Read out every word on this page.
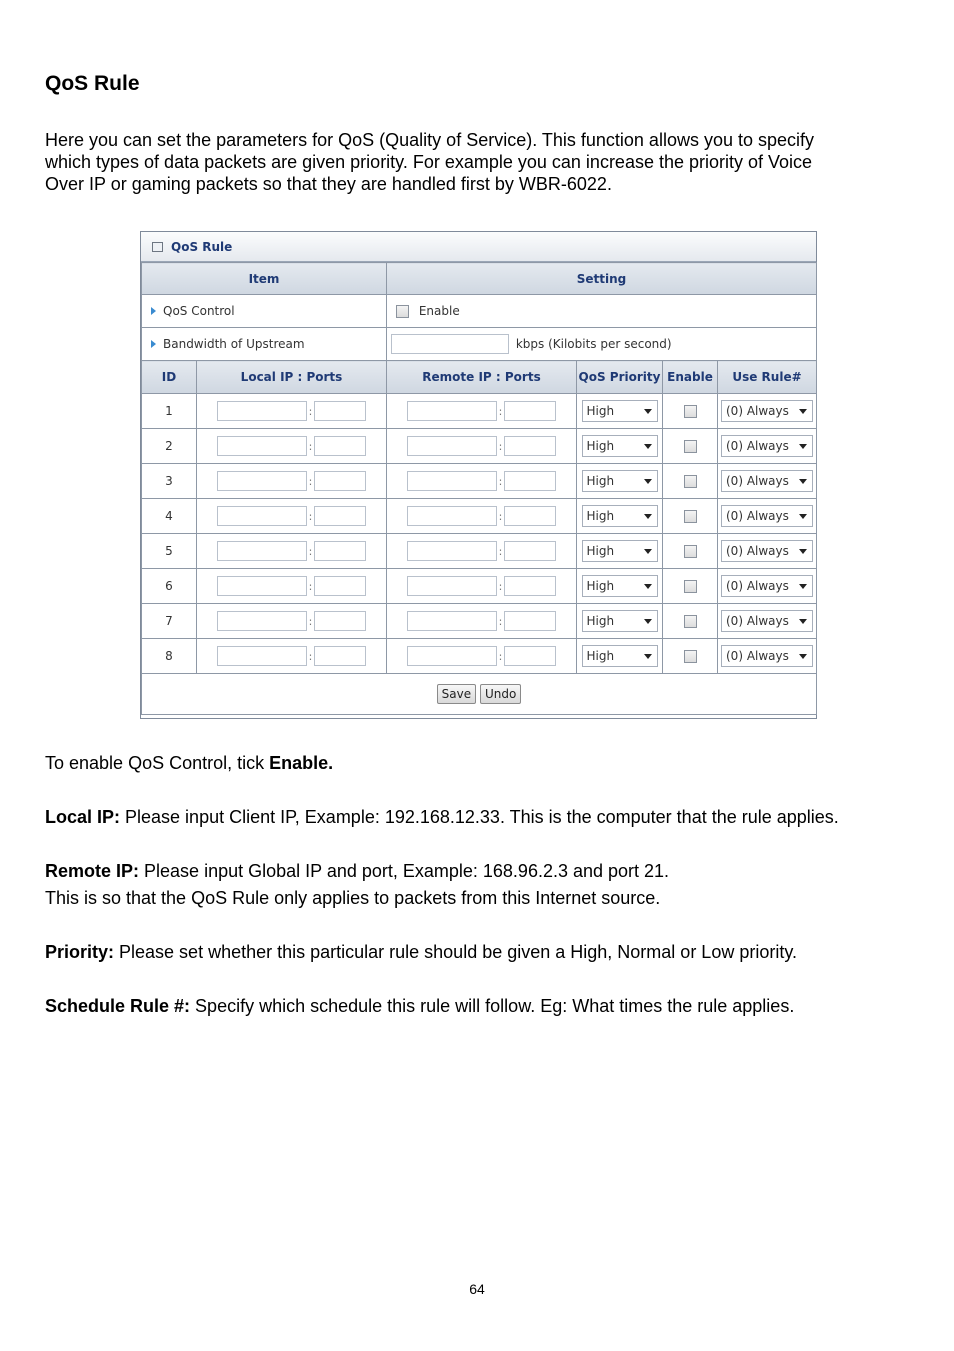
QoS Rule
Here you can set the parameters for QoS (Quality of Service). This function allows you to specify
which types of data packets are given priority. For example you can increase the priority of Voice
Over IP or gaming packets so that they are handled first by WBR-6022.
QoS Rule
Item		Setting			
QoS Control		Enable			
Bandwidth of Upstream		kbps (Kilobits per second)			
ID	Local IP : Ports	Remote IP : Ports	QoS Priority	Enable	Use Rule#
1	:	:	High		(0) Always

2	:	:	High		(0) Always

3	:	:	High		(0) Always

4	:	:	High		(0) Always

5	:	:	High		(0) Always

6	:	:	High		(0) Always

7	:	:	High		(0) Always

8	:	:	High		(0) Always

Save Undo					

To enable QoS Control, tick Enable.

Local IP: Please input Client IP, Example: 192.168.12.33. This is the computer that the rule applies.

Remote IP: Please input Global IP and port, Example: 168.96.2.3 and port 21.
This is so that the QoS Rule only applies to packets from this Internet source.

Priority: Please set whether this particular rule should be given a High, Normal or Low priority.

Schedule Rule #: Specify which schedule this rule will follow. Eg: What times the rule applies.

64
